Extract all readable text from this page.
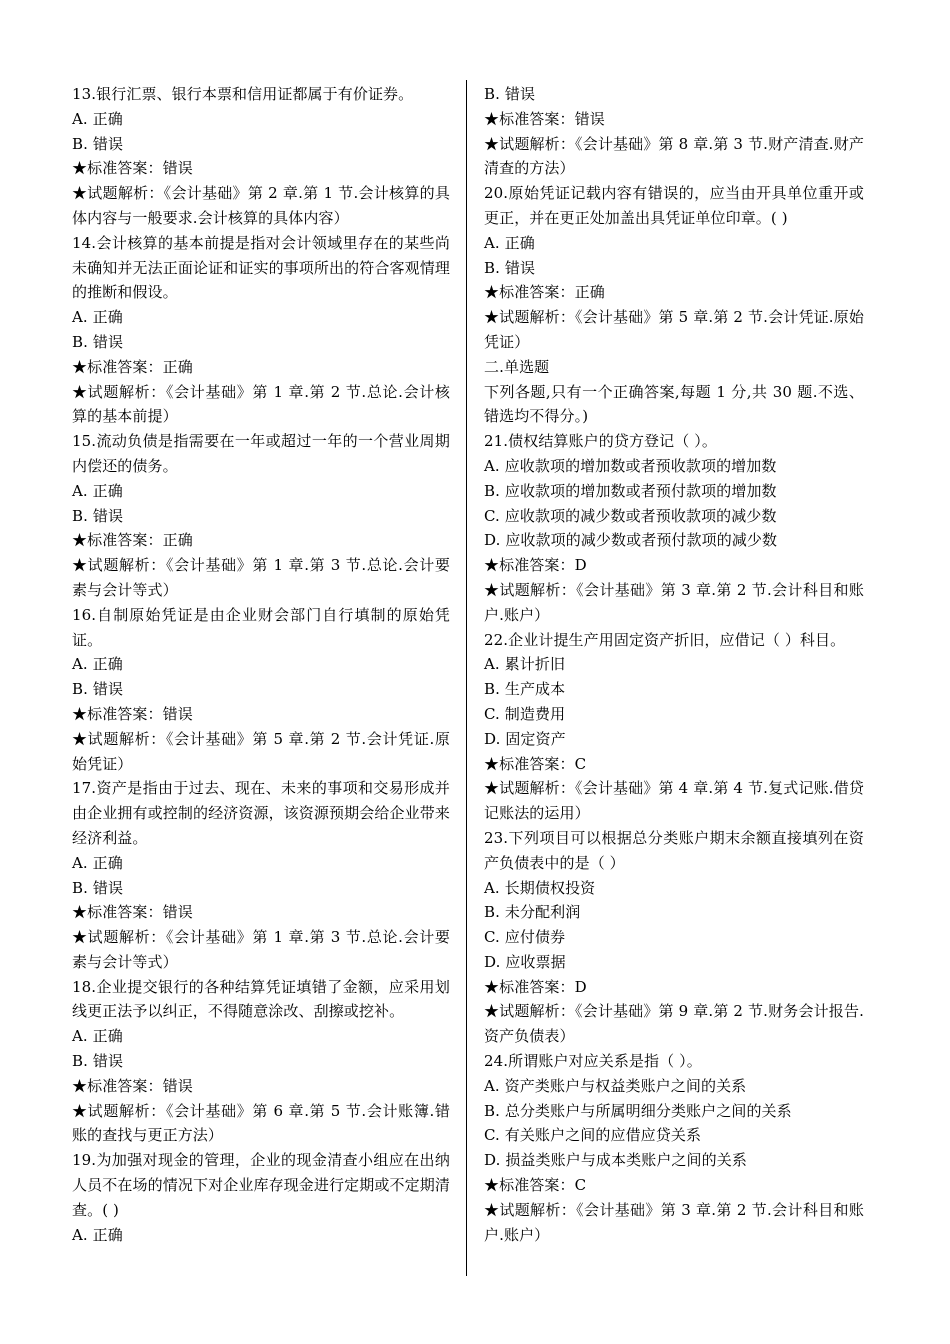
13.银行汇票、银行本票和信用证都属于有价证券。
A. 正确
B. 错误
★标准答案：错误
★试题解析：《会计基础》第 2 章.第 1 节.会计核算的具体内容与一般要求.会计核算的具体内容）
14.会计核算的基本前提是指对会计领域里存在的某些尚未确知并无法正面论证和证实的事项所出的符合客观情理的推断和假设。
A. 正确
B. 错误
★标准答案：正确
★试题解析：《会计基础》第 1 章.第 2 节.总论.会计核算的基本前提）
15.流动负债是指需要在一年或超过一年的一个营业周期内偿还的债务。
A. 正确
B. 错误
★标准答案：正确
★试题解析：《会计基础》第 1 章.第 3 节.总论.会计要素与会计等式）
16.自制原始凭证是由企业财会部门自行填制的原始凭证。
A. 正确
B. 错误
★标准答案：错误
★试题解析：《会计基础》第 5 章.第 2 节.会计凭证.原始凭证）
17.资产是指由于过去、现在、未来的事项和交易形成并由企业拥有或控制的经济资源，该资源预期会给企业带来经济利益。
A. 正确
B. 错误
★标准答案：错误
★试题解析：《会计基础》第 1 章.第 3 节.总论.会计要素与会计等式）
18.企业提交银行的各种结算凭证填错了金额，应采用划线更正法予以纠正，不得随意涂改、刮擦或挖补。
A. 正确
B. 错误
★标准答案：错误
★试题解析：《会计基础》第 6 章.第 5 节.会计账簿.错账的查找与更正方法）
19.为加强对现金的管理，企业的现金清查小组应在出纳人员不在场的情况下对企业库存现金进行定期或不定期清查。( )
A. 正确
B. 错误
★标准答案：错误
★试题解析：《会计基础》第 8 章.第 3 节.财产清查.财产清查的方法）
20.原始凭证记载内容有错误的，应当由开具单位重开或更正，并在更正处加盖出具凭证单位印章。( )
A. 正确
B. 错误
★标准答案：正确
★试题解析：《会计基础》第 5 章.第 2 节.会计凭证.原始凭证）
二.单选题
下列各题,只有一个正确答案,每题 1 分,共 30 题.不选、错选均不得分。)
21.债权结算账户的贷方登记（ ）。
A. 应收款项的增加数或者预收款项的增加数
B. 应收款项的增加数或者预付款项的增加数
C. 应收款项的减少数或者预收款项的减少数
D. 应收款项的减少数或者预付款项的减少数
★标准答案：D
★试题解析：《会计基础》第 3 章.第 2 节.会计科目和账户.账户）
22.企业计提生产用固定资产折旧，应借记（ ）科目。
A. 累计折旧
B. 生产成本
C. 制造费用
D. 固定资产
★标准答案：C
★试题解析：《会计基础》第 4 章.第 4 节.复式记账.借贷记账法的运用）
23.下列项目可以根据总分类账户期末余额直接填列在资产负债表中的是（ ）
A. 长期债权投资
B. 未分配利润
C. 应付债券
D. 应收票据
★标准答案：D
★试题解析：《会计基础》第 9 章.第 2 节.财务会计报告.资产负债表）
24.所谓账户对应关系是指（ ）。
A. 资产类账户与权益类账户之间的关系
B. 总分类账户与所属明细分类账户之间的关系
C. 有关账户之间的应借应贷关系
D. 损益类账户与成本类账户之间的关系
★标准答案：C
★试题解析：《会计基础》第 3 章.第 2 节.会计科目和账户.账户）
